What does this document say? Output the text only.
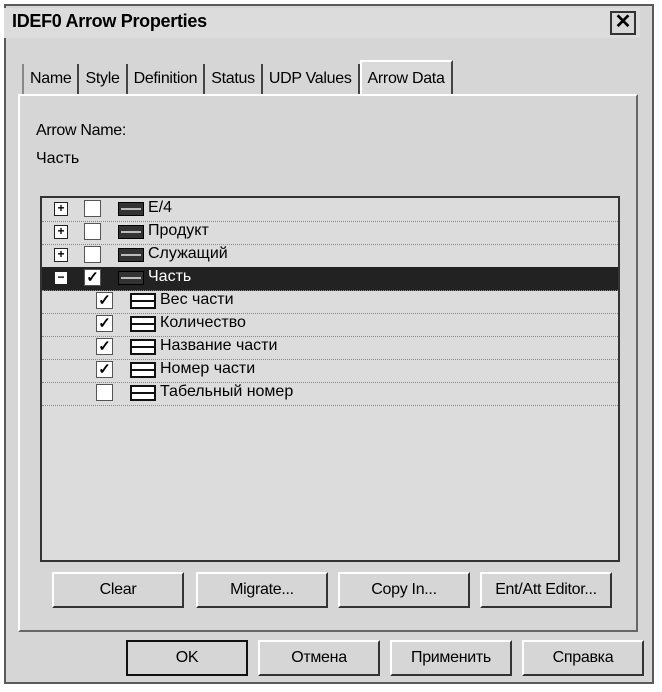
IDEF0 Arrow Properties	✕
Name Style Definition Status UDP Values	Arrow Data
Arrow Name:
Часть
+	E/4
+	Продукт
+	Служащий
− ✓	Часть
✓	Вес части
✓	Количество
✓	Название части
✓	Номер части
Табельный номер
Clear	Migrate...	Copy In...	Ent/Att Editor...
OK	Отмена	Применить	Справка
